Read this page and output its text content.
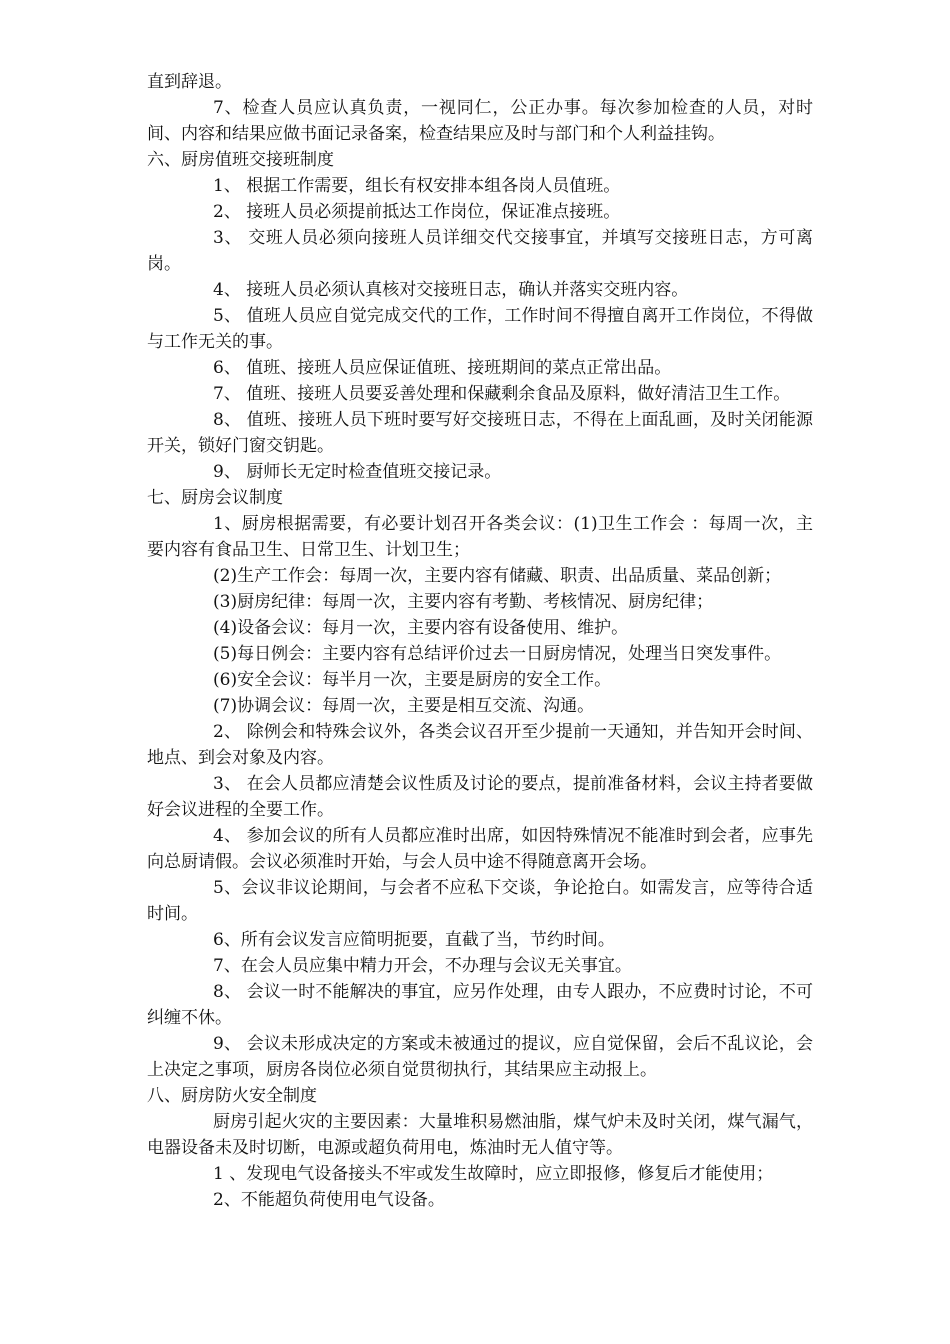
直到辞退。

7、检查人员应认真负责，一视同仁，公正办事。每次参加检查的人员，对时间、内容和结果应做书面记录备案，检查结果应及时与部门和个人利益挂钩。

六、厨房值班交接班制度

1、 根据工作需要，组长有权安排本组各岗人员值班。

2、 接班人员必须提前抵达工作岗位，保证准点接班。

3、 交班人员必须向接班人员详细交代交接事宜，并填写交接班日志，方可离岗。

4、 接班人员必须认真核对交接班日志，确认并落实交班内容。

5、 值班人员应自觉完成交代的工作，工作时间不得擅自离开工作岗位，不得做与工作无关的事。

6、 值班、接班人员应保证值班、接班期间的菜点正常出品。

7、 值班、接班人员要妥善处理和保藏剩余食品及原料，做好清洁卫生工作。

8、 值班、接班人员下班时要写好交接班日志，不得在上面乱画，及时关闭能源开关，锁好门窗交钥匙。

9、 厨师长无定时检查值班交接记录。

七、厨房会议制度

1、厨房根据需要，有必要计划召开各类会议：(1)卫生工作会 ：每周一次，主要内容有食品卫生、日常卫生、计划卫生；

(2)生产工作会：每周一次，主要内容有储藏、职责、出品质量、菜品创新；

(3)厨房纪律：每周一次，主要内容有考勤、考核情况、厨房纪律；

(4)设备会议：每月一次，主要内容有设备使用、维护。

(5)每日例会：主要内容有总结评价过去一日厨房情况，处理当日突发事件。

(6)安全会议：每半月一次，主要是厨房的安全工作。

(7)协调会议：每周一次，主要是相互交流、沟通。

2、 除例会和特殊会议外，各类会议召开至少提前一天通知，并告知开会时间、地点、到会对象及内容。

3、 在会人员都应清楚会议性质及讨论的要点，提前准备材料，会议主持者要做好会议进程的全要工作。

4、 参加会议的所有人员都应准时出席，如因特殊情况不能准时到会者，应事先向总厨请假。会议必须准时开始，与会人员中途不得随意离开会场。

5、会议非议论期间，与会者不应私下交谈，争论抢白。如需发言，应等待合适时间。

6、所有会议发言应简明扼要，直截了当，节约时间。

7、在会人员应集中精力开会，不办理与会议无关事宜。

8、 会议一时不能解决的事宜，应另作处理，由专人跟办，不应费时讨论，不可纠缠不休。

9、 会议未形成决定的方案或未被通过的提议，应自觉保留，会后不乱议论，会上决定之事项，厨房各岗位必须自觉贯彻执行，其结果应主动报上。

八、厨房防火安全制度

厨房引起火灾的主要因素：大量堆积易燃油脂，煤气炉未及时关闭，煤气漏气，电器设备未及时切断，电源或超负荷用电，炼油时无人值守等。

1 、发现电气设备接头不牢或发生故障时，应立即报修，修复后才能使用；

2、不能超负荷使用电气设备。
